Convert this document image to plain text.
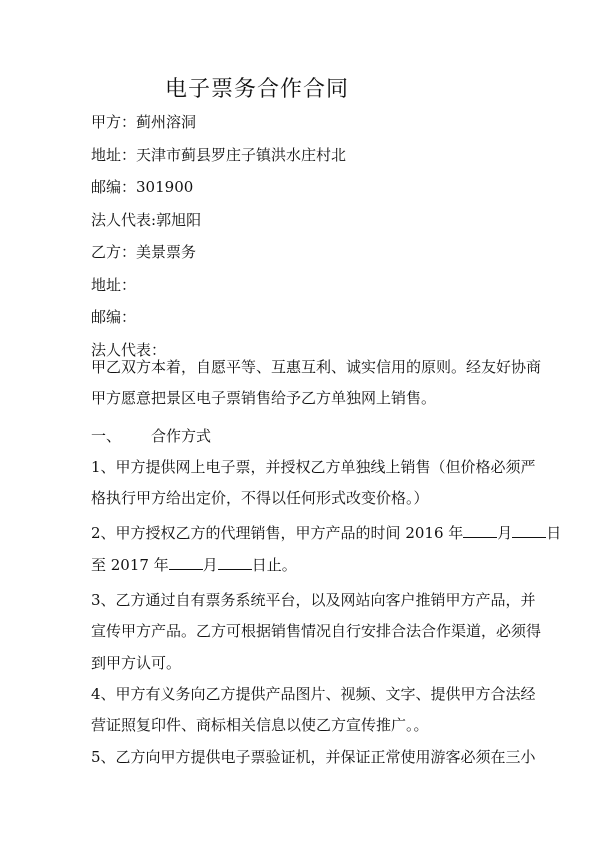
电子票务合作合同
甲方：蓟州溶洞
地址：天津市蓟县罗庄子镇洪水庄村北
邮编：301900
法人代表:郭旭阳
乙方：美景票务
地址：
邮编：
法人代表：
甲乙双方本着，自愿平等、互惠互利、诚实信用的原则。经友好协商
甲方愿意把景区电子票销售给予乙方单独网上销售。
一、 合作方式
1、甲方提供网上电子票，并授权乙方单独线上销售（但价格必须严
格执行甲方给出定价，不得以任何形式改变价格。）
2、甲方授权乙方的代理销售，甲方产品的时间 2016 年 月 日
至 2017 年 月 日止。
3、乙方通过自有票务系统平台，以及网站向客户推销甲方产品，并
宣传甲方产品。乙方可根据销售情况自行安排合法合作渠道，必须得
到甲方认可。
4、甲方有义务向乙方提供产品图片、视频、文字、提供甲方合法经
营证照复印件、商标相关信息以使乙方宣传推广。。
5、乙方向甲方提供电子票验证机，并保证正常使用游客必须在三小
